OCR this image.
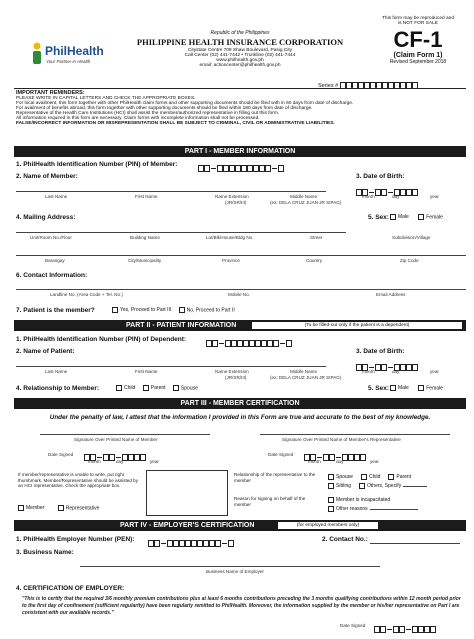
PhilHealth
Your Partner in Health
Republic of the Philippines
PHILIPPINE HEALTH INSURANCE CORPORATION
Citystate Centre 709 Shaw Boulevard, Pasig City
Call Center (02) 441-7442 • Trunkline (02) 441-7444
www.philhealth.gov.ph
email: actioncenter@philhealth.gov.ph
This form may be reproduced and
is NOT FOR SALE
CF-1
(Claim Form 1)
Revised September 2018
Series #
IMPORTANT REMINDERS:
PLEASE WRITE IN CAPITAL LETTERS AND CHECK THE APPROPRIATE BOXES.
For local availment, this form together with other PhilHealth claim forms and other supporting documents should be filed with in 60 days from date of discharge.
For availment of benefits abroad, this form together with other supporting documents should be filed within 180 days from date of discharge.
Representative of the Health Care Institutions (HCI) shall assist the member/authorized representative in filling out this form.
All information required in this form are necessary. Claim forms with incomplete information shall not be processed.
FALSE/INCORRECT INFORMATION OR MISREPRESENTATION SHALL BE SUBJECT TO CRIMINAL, CIVIL OR ADMINISTRATIVE LIABILITIES.
PART I - MEMBER INFORMATION
1. PhilHealth Identification Number (PIN) of Member:
2. Name of Member:
Last Name	First Name	Name Extension
(JR/SR/III)
Middle Name
(ex: DELA CRUZ JUAN JR SIPAG)
3. Date of Birth:
month	day	year
4. Mailing Address:
Unit/Room No./Floor	Building Name	Lot/Blk/House/Bldg No.	Street	Subdivision/Village
5. Sex:	Male	Female
Barangay	City/Municipality	Province	Country	Zip Code
6. Contact Information:
Landline No. (Area Code + Tel. No.)	Mobile No.	Email Address
7. Patient is the member?	Yes, Proceed to Part III	No, Proceed to Part II
PART II - PATIENT INFORMATION	(To be filled-out only if the patient is a dependent)
1. PhilHealth Identification Number (PIN) of Dependent:
2. Name of Patient:
Last Name	First Name	Name Extension
(JR/SR/III)
Middle Name
(ex: DELA CRUZ JUAN JR SIPAG)
3. Date of Birth:
month	day	year
4. Relationship to Member:	Child	Parent	Spouse	5. Sex:	Male	Female
PART III - MEMBER CERTIFICATION
Under the penalty of law, I attest that the information I provided in this Form are true and accurate to the best of my knowledge.
Signature Over Printed Name of Member	Signature Over Printed Name of Member's Representative
Date Signed
month	day	year
Date Signed
month	day	year
If member/representative is unable to write, put right thumbmark. Member/Representative should be assisted by an HCI representative. Check the appropriate box.
Member	Representative
Relationship of the representative to the member
Spouse	Child	Parent
Sibling	Others, Specify
Reason for signing on behalf of the member
Member is incapacitated
Other reasons
PART IV - EMPLOYER'S CERTIFICATION	(for employed members only)
1. PhilHealth Employer Number (PEN):	2. Contact No.:
3. Business Name:
Business Name of Employer
4. CERTIFICATION OF EMPLOYER:
"This is to certify that the required 3/6 monthly premium contributions plus at least 6 months contributions preceding the 3 months qualifying contributions within 12 month period prior to the first day of confinement (sufficient regularity) have been regularly remitted to PhilHealth. Moreover, the information supplied by the member or his/her representative on Part I are consistent with our available records."
Date Signed
